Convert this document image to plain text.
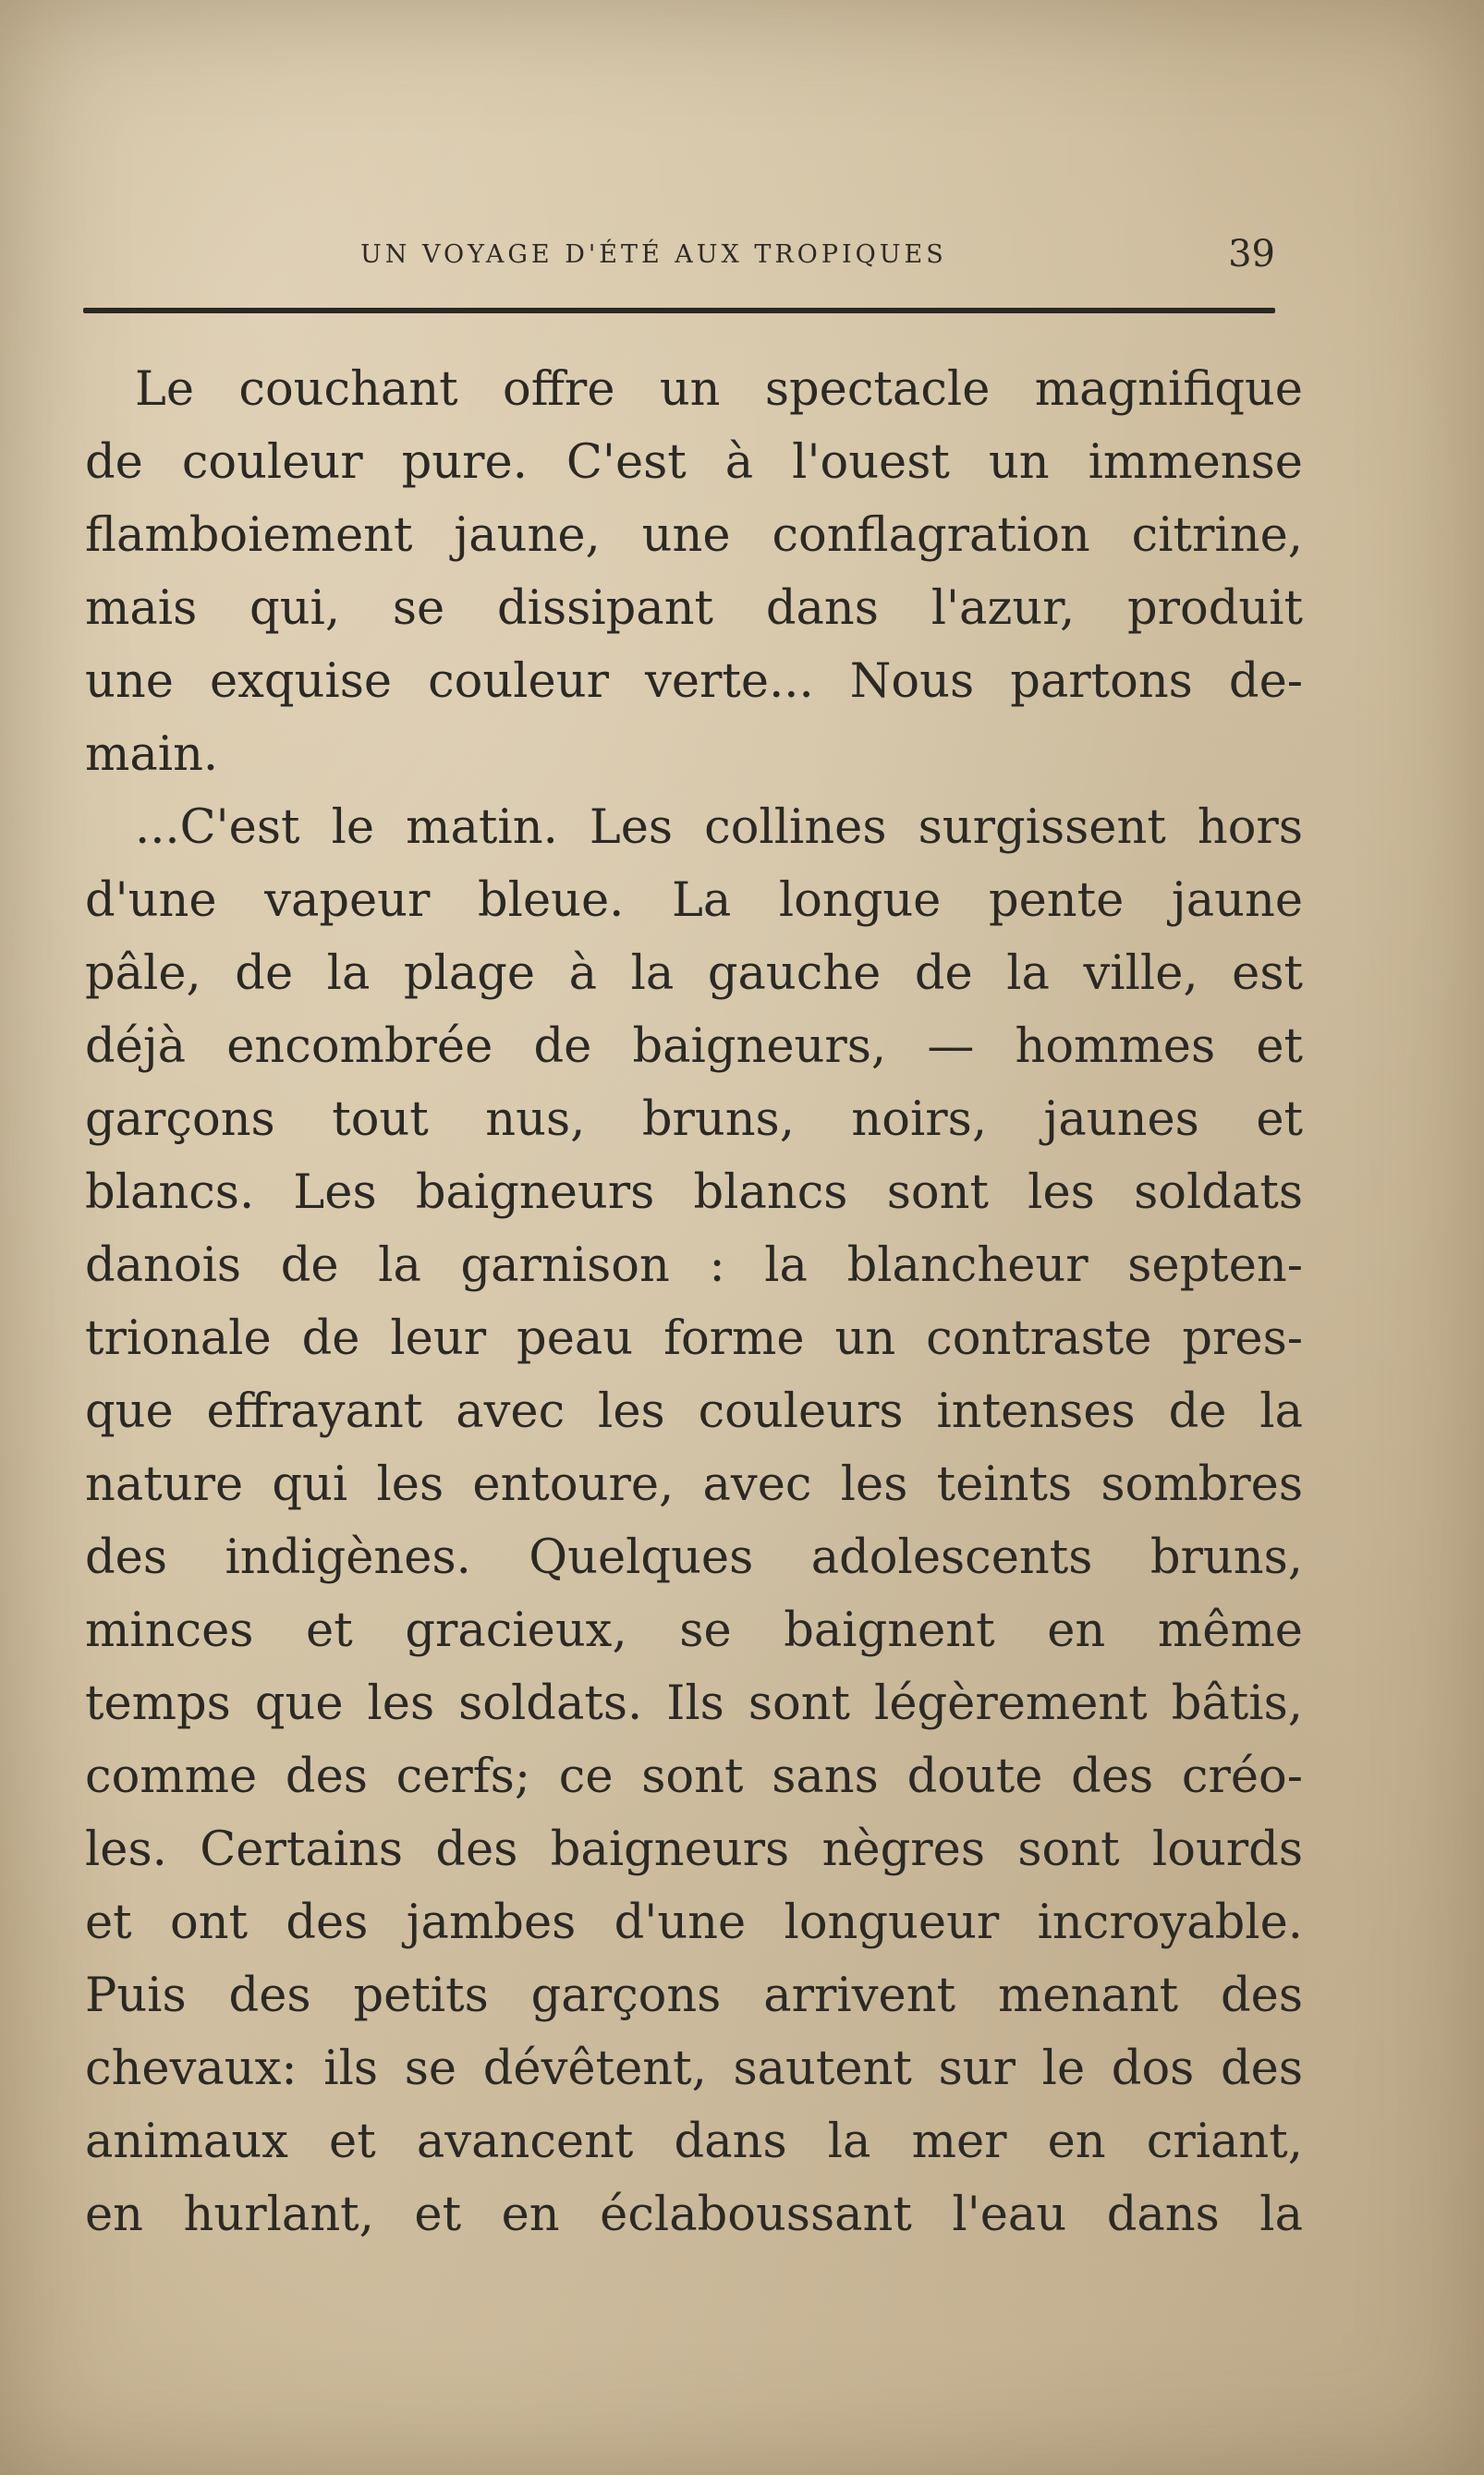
UN VOYAGE D'ÉTÉ AUX TROPIQUES	39
Le couchant offre un spectacle magnifique
de couleur pure. C'est à l'ouest un immense
flamboiement jaune, une conflagration citrine,
mais qui, se dissipant dans l'azur, produit
une exquise couleur verte... Nous partons de-
main.
...C'est le matin. Les collines surgissent hors
d'une vapeur bleue. La longue pente jaune
pâle, de la plage à la gauche de la ville, est
déjà encombrée de baigneurs, — hommes et
garçons tout nus, bruns, noirs, jaunes et
blancs. Les baigneurs blancs sont les soldats
danois de la garnison : la blancheur septen-
trionale de leur peau forme un contraste pres-
que effrayant avec les couleurs intenses de la
nature qui les entoure, avec les teints sombres
des indigènes. Quelques adolescents bruns,
minces et gracieux, se baignent en même
temps que les soldats. Ils sont légèrement bâtis,
comme des cerfs; ce sont sans doute des créo-
les. Certains des baigneurs nègres sont lourds
et ont des jambes d'une longueur incroyable.
Puis des petits garçons arrivent menant des
chevaux: ils se dévêtent, sautent sur le dos des
animaux et avancent dans la mer en criant,
en hurlant, et en éclaboussant l'eau dans la
